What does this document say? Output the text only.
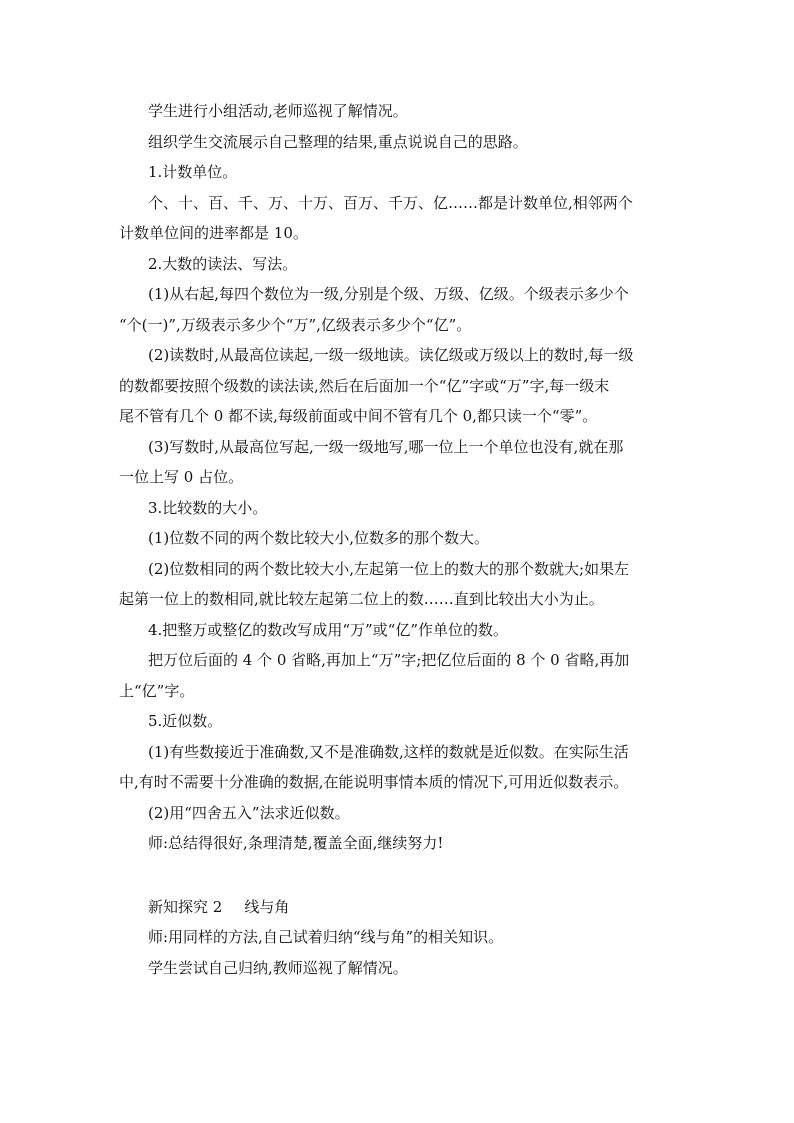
学生进行小组活动,老师巡视了解情况。
组织学生交流展示自己整理的结果,重点说说自己的思路。
1.计数单位。
个、十、百、千、万、十万、百万、千万、亿……都是计数单位,相邻两个
计数单位间的进率都是 10。
2.大数的读法、写法。
(1)从右起,每四个数位为一级,分别是个级、万级、亿级。个级表示多少个
“个(一)”,万级表示多少个“万”,亿级表示多少个“亿”。
(2)读数时,从最高位读起,一级一级地读。读亿级或万级以上的数时,每一级
的数都要按照个级数的读法读,然后在后面加一个“亿”字或“万”字,每一级末
尾不管有几个 0 都不读,每级前面或中间不管有几个 0,都只读一个“零”。
(3)写数时,从最高位写起,一级一级地写,哪一位上一个单位也没有,就在那
一位上写 0 占位。
3.比较数的大小。
(1)位数不同的两个数比较大小,位数多的那个数大。
(2)位数相同的两个数比较大小,左起第一位上的数大的那个数就大;如果左
起第一位上的数相同,就比较左起第二位上的数……直到比较出大小为止。
4.把整万或整亿的数改写成用“万”或“亿”作单位的数。
把万位后面的 4 个 0 省略,再加上“万”字;把亿位后面的 8 个 0 省略,再加
上“亿”字。
5.近似数。
(1)有些数接近于准确数,又不是准确数,这样的数就是近似数。在实际生活
中,有时不需要十分准确的数据,在能说明事情本质的情况下,可用近似数表示。
(2)用“四舍五入”法求近似数。
师:总结得很好,条理清楚,覆盖全面,继续努力!
新知探究 2 线与角
师:用同样的方法,自己试着归纳“线与角”的相关知识。
学生尝试自己归纳,教师巡视了解情况。
